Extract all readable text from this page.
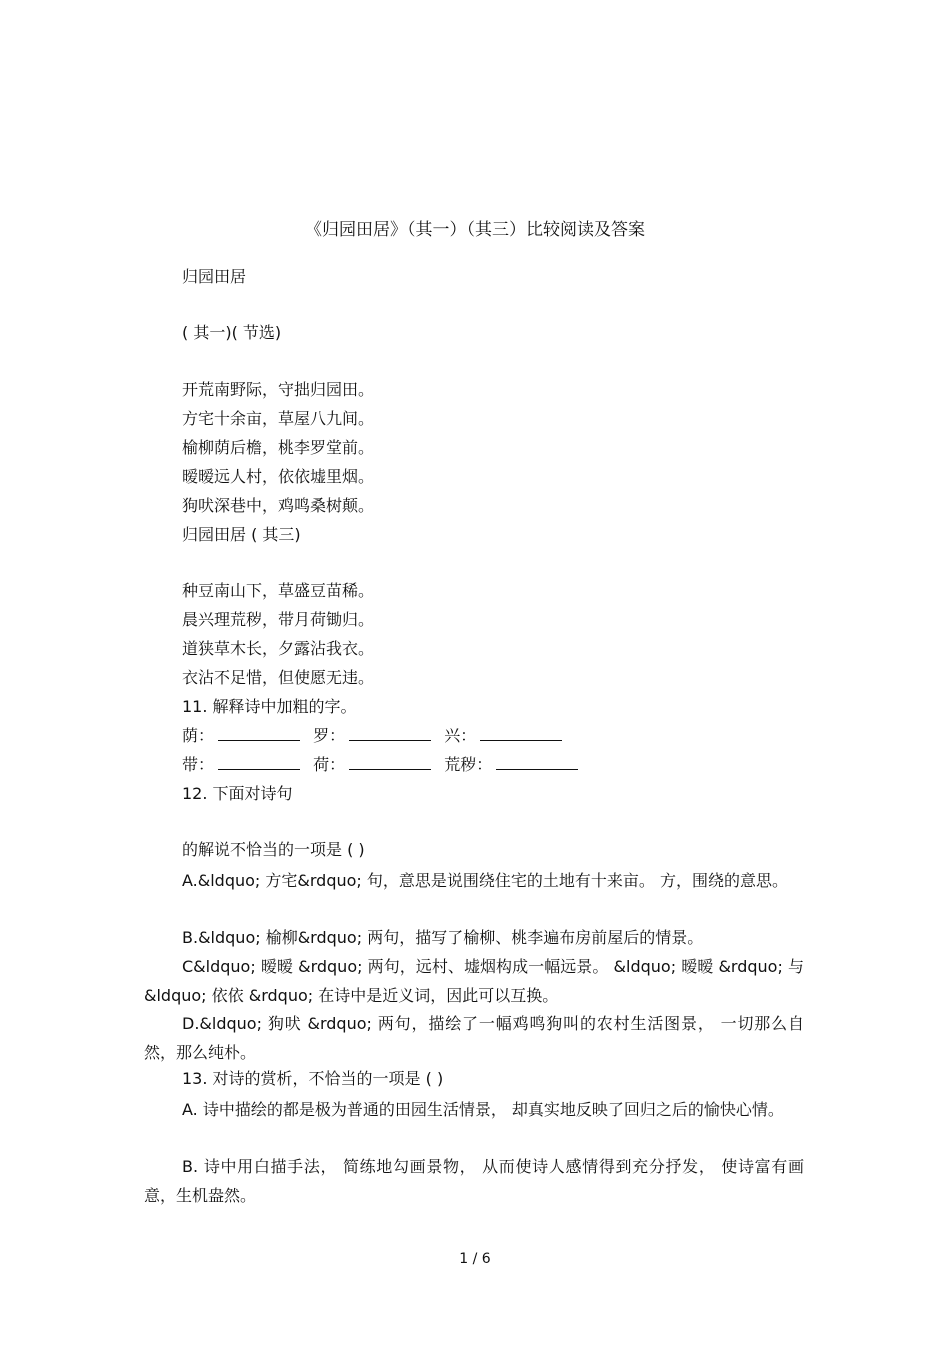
《归园田居》（其一）（其三）比较阅读及答案
归园田居
( 其一)( 节选)
开荒南野际，守拙归园田。
方宅十余亩，草屋八九间。
榆柳荫后檐，桃李罗堂前。
暧暧远人村，依依墟里烟。
狗吠深巷中，鸡鸣桑树颠。
归园田居 ( 其三)
种豆南山下，草盛豆苗稀。
晨兴理荒秽，带月荷锄归。
道狭草木长，夕露沾我衣。
衣沾不足惜，但使愿无违。
11. 解释诗中加粗的字。
荫：	罗：	兴：
带：	荷：	荒秽：
12. 下面对诗句
的解说不恰当的一项是 ( )
A.&ldquo; 方宅&rdquo; 句，意思是说围绕住宅的土地有十来亩。 方，围绕的意思。
B.&ldquo; 榆柳&rdquo; 两句，描写了榆柳、桃李遍布房前屋后的情景。
C&ldquo; 暧暧 &rdquo; 两句，远村、墟烟构成一幅远景。 &ldquo; 暧暧 &rdquo; 与 &ldquo; 依依 &rdquo; 在诗中是近义词，因此可以互换。
D.&ldquo; 狗吠 &rdquo; 两句，描绘了一幅鸡鸣狗叫的农村生活图景， 一切那么自然，那么纯朴。
13. 对诗的赏析，不恰当的一项是 ( )
A. 诗中描绘的都是极为普通的田园生活情景， 却真实地反映了回归之后的愉快心情。
B. 诗中用白描手法， 简练地勾画景物， 从而使诗人感情得到充分抒发， 使诗富有画意，生机盎然。
1 / 6
